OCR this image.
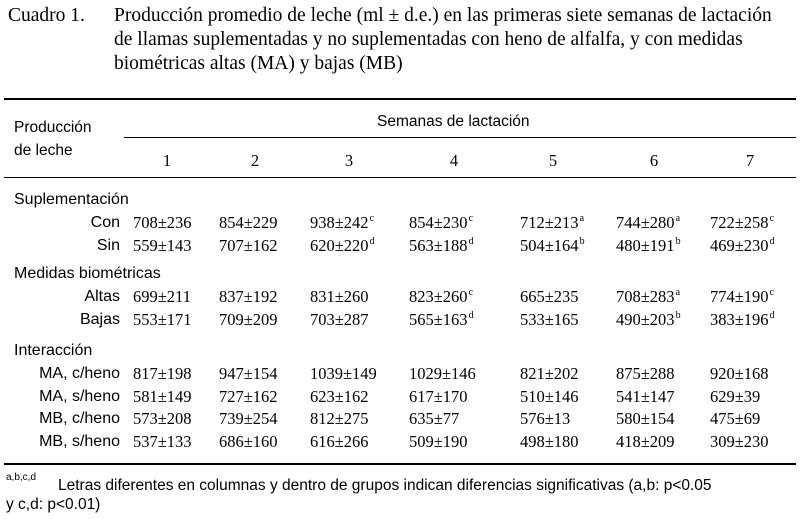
Cuadro 1. Producción promedio de leche (ml ± d.e.) en las primeras siete semanas de lactación de llamas suplementadas y no suplementadas con heno de alfalfa, y con medidas biométricas altas (MA) y bajas (MB)
Producción
de leche
Semanas de lactación
1	2	3	4	5	6	7
Suplementación
Con 708±236 854±229 $938\pm 242^c$ $854\pm 230^c$	$712\pm 213^a$ $744\pm 280^a$ $722\pm 258^c$
Sin 559±143 707±162 $620\pm 220^d$ $563\pm 188^d$	$504\pm 164^b$ $480\pm 191^b$ $469\pm 230^d$
Medidas biométricas
Altas 699±211 837±192 831±260 $823\pm 260^c$	665±235 $708\pm 283^a$ $774\pm 190^c$
Bajas 553±171 709±209 703±287 $565\pm 163^d$	533±165 $490\pm 203^b$ $383\pm 196^d$
Interacción
MA, c/heno 817±198 947±154 1039±149 1029±146	821±202 875±288 920±168
MA, s/heno 581±149 727±162 623±162 617±170	510±146 541±147 629±39
MB, c/heno 573±208 739±254 812±275 635±77	576±13	580±154 475±69
MB, s/heno 537±133 686±160 616±266 509±190	498±180 418±209 309±230
a,b,c,d Letras diferentes en columnas y dentro de grupos indican diferencias significativas (a,b: p<0.05
y c,d: p<0.01)
